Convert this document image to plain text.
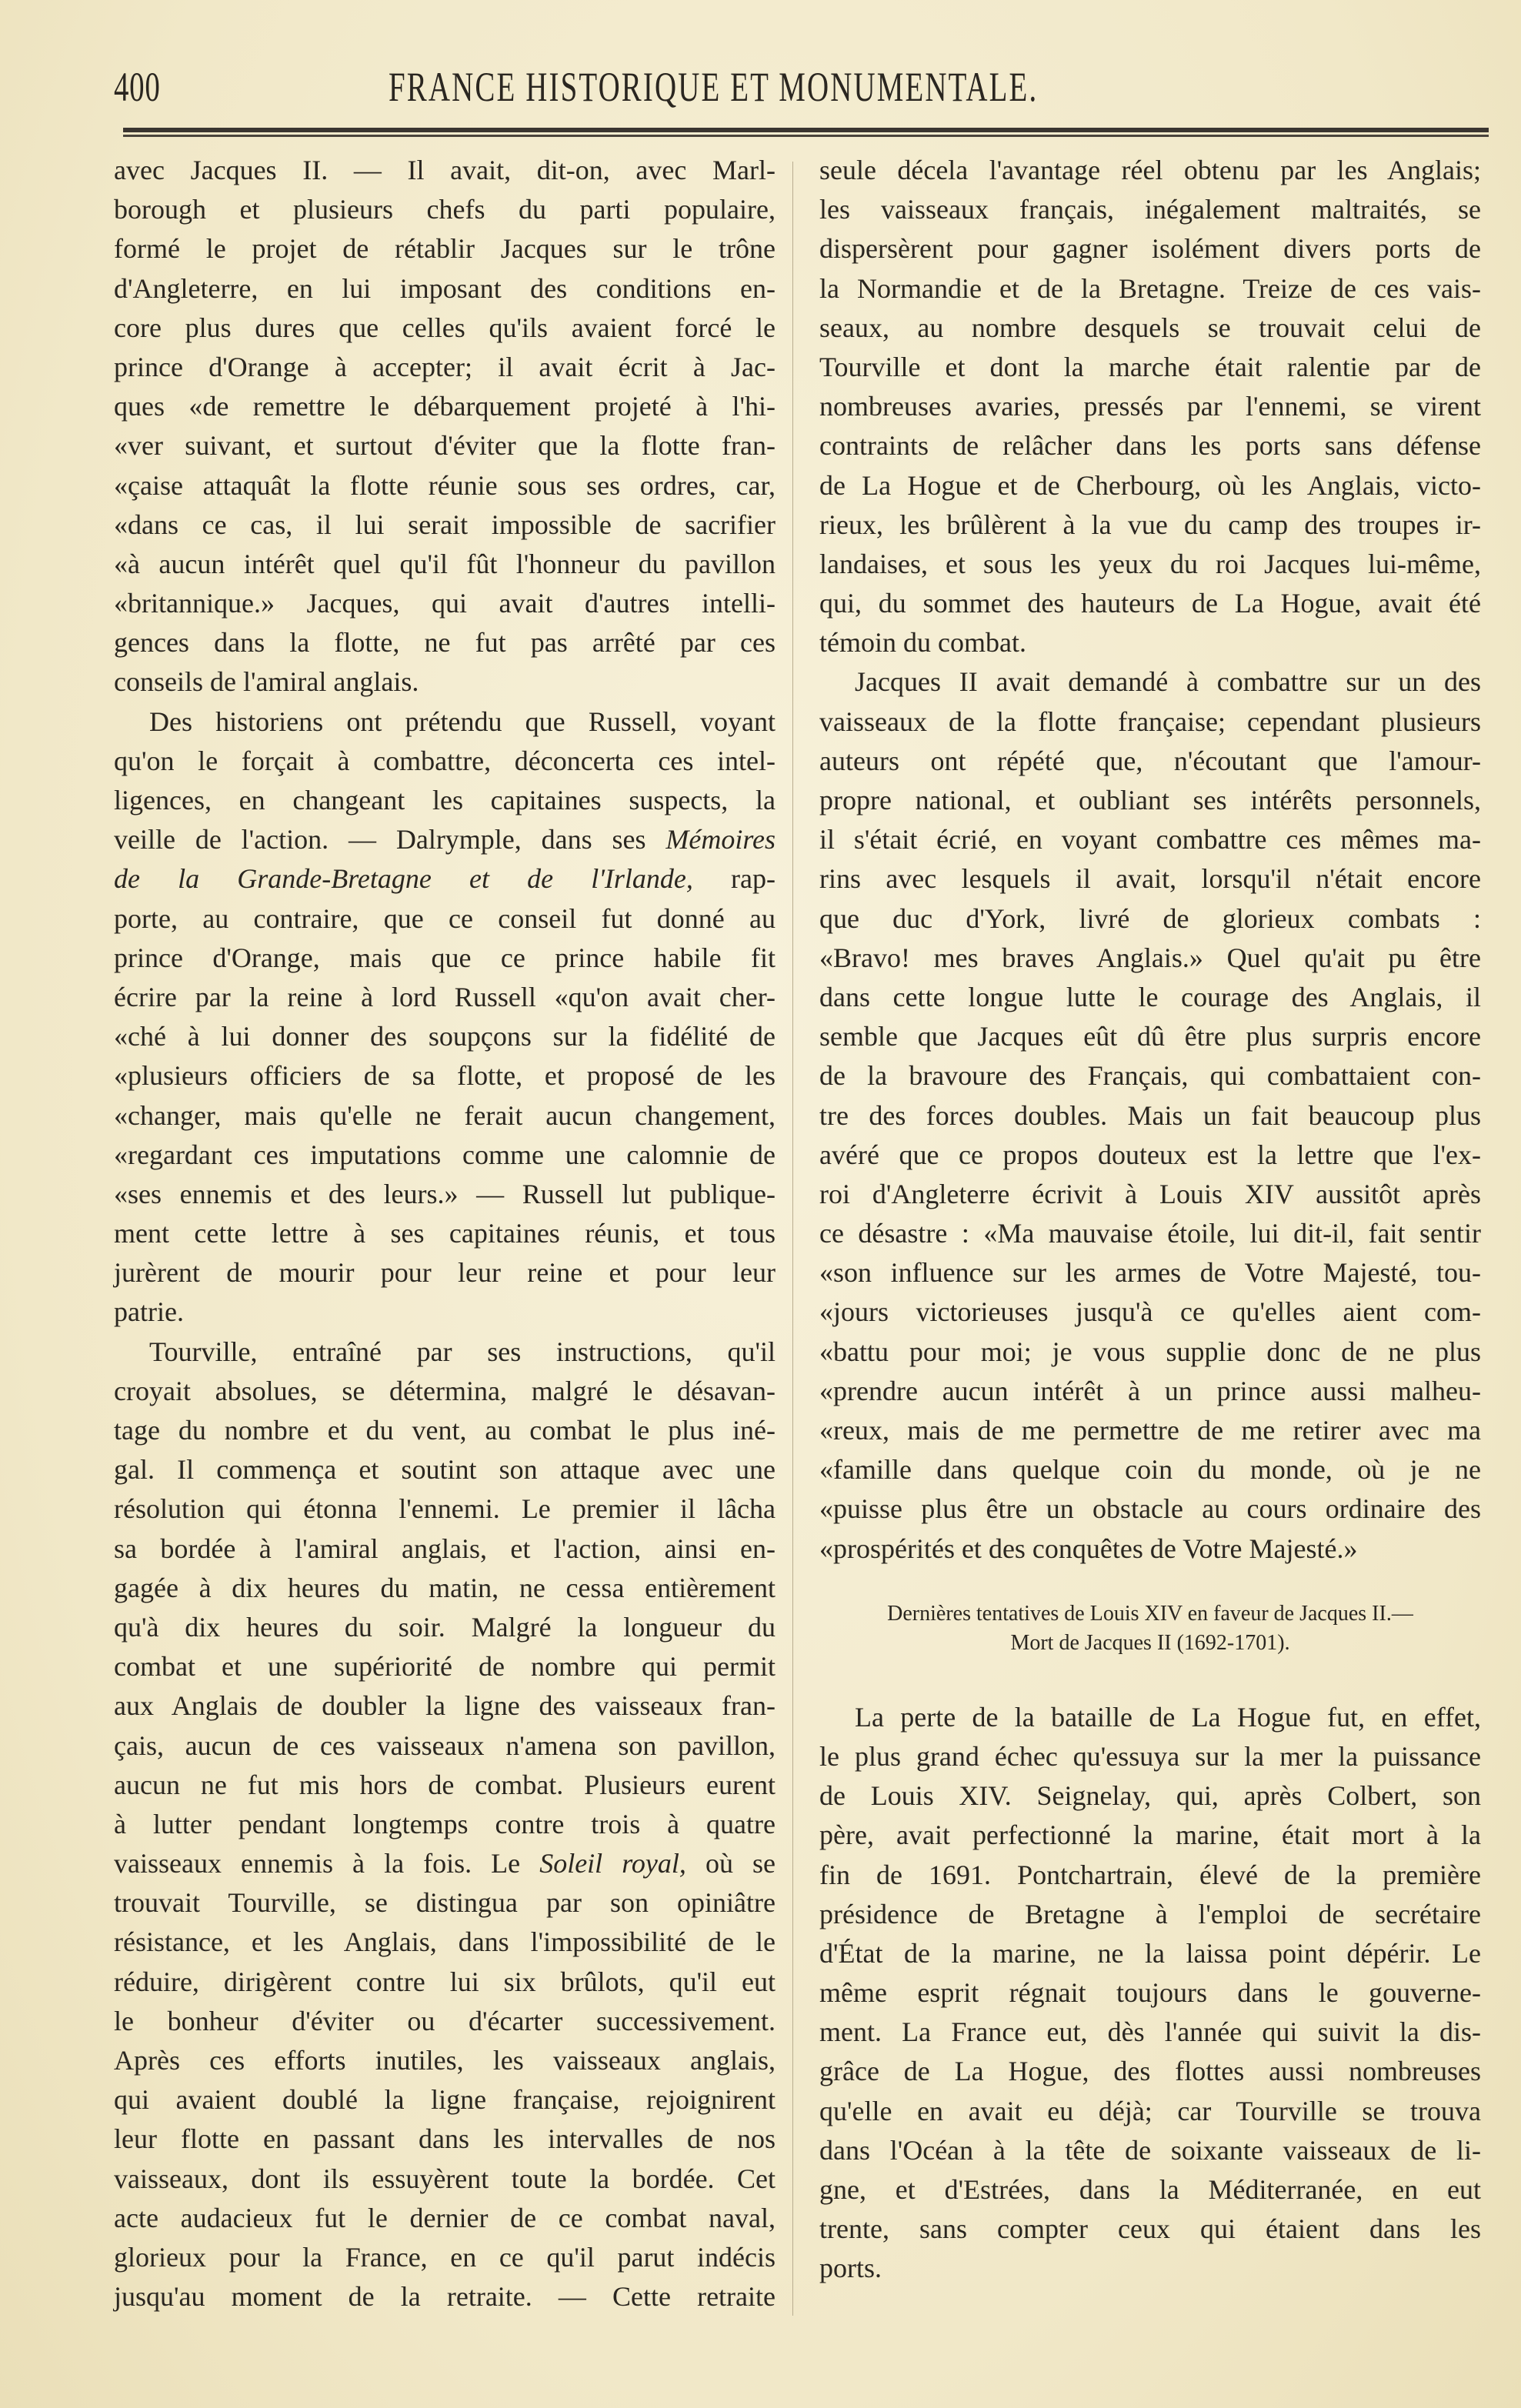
400	FRANCE HISTORIQUE ET MONUMENTALE.
avec Jacques II. — Il avait, dit-on, avec Marl-
borough et plusieurs chefs du parti populaire,
formé le projet de rétablir Jacques sur le trône
d'Angleterre, en lui imposant des conditions en-
core plus dures que celles qu'ils avaient forcé le
prince d'Orange à accepter; il avait écrit à Jac-
ques «de remettre le débarquement projeté à l'hi-
«ver suivant, et surtout d'éviter que la flotte fran-
«çaise attaquât la flotte réunie sous ses ordres, car,
«dans ce cas, il lui serait impossible de sacrifier
«à aucun intérêt quel qu'il fût l'honneur du pavillon
«britannique.» Jacques, qui avait d'autres intelli-
gences dans la flotte, ne fut pas arrêté par ces
conseils de l'amiral anglais.
Des historiens ont prétendu que Russell, voyant
qu'on le forçait à combattre, déconcerta ces intel-
ligences, en changeant les capitaines suspects, la
veille de l'action. — Dalrymple, dans ses Mémoires
de la Grande-Bretagne et de l'Irlande, rap-
porte, au contraire, que ce conseil fut donné au
prince d'Orange, mais que ce prince habile fit
écrire par la reine à lord Russell «qu'on avait cher-
«ché à lui donner des soupçons sur la fidélité de
«plusieurs officiers de sa flotte, et proposé de les
«changer, mais qu'elle ne ferait aucun changement,
«regardant ces imputations comme une calomnie de
«ses ennemis et des leurs.» — Russell lut publique-
ment cette lettre à ses capitaines réunis, et tous
jurèrent de mourir pour leur reine et pour leur
patrie.
Tourville, entraîné par ses instructions, qu'il
croyait absolues, se détermina, malgré le désavan-
tage du nombre et du vent, au combat le plus iné-
gal. Il commença et soutint son attaque avec une
résolution qui étonna l'ennemi. Le premier il lâcha
sa bordée à l'amiral anglais, et l'action, ainsi en-
gagée à dix heures du matin, ne cessa entièrement
qu'à dix heures du soir. Malgré la longueur du
combat et une supériorité de nombre qui permit
aux Anglais de doubler la ligne des vaisseaux fran-
çais, aucun de ces vaisseaux n'amena son pavillon,
aucun ne fut mis hors de combat. Plusieurs eurent
à lutter pendant longtemps contre trois à quatre
vaisseaux ennemis à la fois. Le Soleil royal, où se
trouvait Tourville, se distingua par son opiniâtre
résistance, et les Anglais, dans l'impossibilité de le
réduire, dirigèrent contre lui six brûlots, qu'il eut
le bonheur d'éviter ou d'écarter successivement.
Après ces efforts inutiles, les vaisseaux anglais,
qui avaient doublé la ligne française, rejoignirent
leur flotte en passant dans les intervalles de nos
vaisseaux, dont ils essuyèrent toute la bordée. Cet
acte audacieux fut le dernier de ce combat naval,
glorieux pour la France, en ce qu'il parut indécis
jusqu'au moment de la retraite. — Cette retraite
seule décela l'avantage réel obtenu par les Anglais;
les vaisseaux français, inégalement maltraités, se
dispersèrent pour gagner isolément divers ports de
la Normandie et de la Bretagne. Treize de ces vais-
seaux, au nombre desquels se trouvait celui de
Tourville et dont la marche était ralentie par de
nombreuses avaries, pressés par l'ennemi, se virent
contraints de relâcher dans les ports sans défense
de La Hogue et de Cherbourg, où les Anglais, victo-
rieux, les brûlèrent à la vue du camp des troupes ir-
landaises, et sous les yeux du roi Jacques lui-même,
qui, du sommet des hauteurs de La Hogue, avait été
témoin du combat.
Jacques II avait demandé à combattre sur un des
vaisseaux de la flotte française; cependant plusieurs
auteurs ont répété que, n'écoutant que l'amour-
propre national, et oubliant ses intérêts personnels,
il s'était écrié, en voyant combattre ces mêmes ma-
rins avec lesquels il avait, lorsqu'il n'était encore
que duc d'York, livré de glorieux combats :
«Bravo! mes braves Anglais.» Quel qu'ait pu être
dans cette longue lutte le courage des Anglais, il
semble que Jacques eût dû être plus surpris encore
de la bravoure des Français, qui combattaient con-
tre des forces doubles. Mais un fait beaucoup plus
avéré que ce propos douteux est la lettre que l'ex-
roi d'Angleterre écrivit à Louis XIV aussitôt après
ce désastre : «Ma mauvaise étoile, lui dit-il, fait sentir
«son influence sur les armes de Votre Majesté, tou-
«jours victorieuses jusqu'à ce qu'elles aient com-
«battu pour moi; je vous supplie donc de ne plus
«prendre aucun intérêt à un prince aussi malheu-
«reux, mais de me permettre de me retirer avec ma
«famille dans quelque coin du monde, où je ne
«puisse plus être un obstacle au cours ordinaire des
«prospérités et des conquêtes de Votre Majesté.»
Dernières tentatives de Louis XIV en faveur de Jacques II.—
Mort de Jacques II (1692-1701).
La perte de la bataille de La Hogue fut, en effet,
le plus grand échec qu'essuya sur la mer la puissance
de Louis XIV. Seignelay, qui, après Colbert, son
père, avait perfectionné la marine, était mort à la
fin de 1691. Pontchartrain, élevé de la première
présidence de Bretagne à l'emploi de secrétaire
d'État de la marine, ne la laissa point dépérir. Le
même esprit régnait toujours dans le gouverne-
ment. La France eut, dès l'année qui suivit la dis-
grâce de La Hogue, des flottes aussi nombreuses
qu'elle en avait eu déjà; car Tourville se trouva
dans l'Océan à la tête de soixante vaisseaux de li-
gne, et d'Estrées, dans la Méditerranée, en eut
trente, sans compter ceux qui étaient dans les
ports.
